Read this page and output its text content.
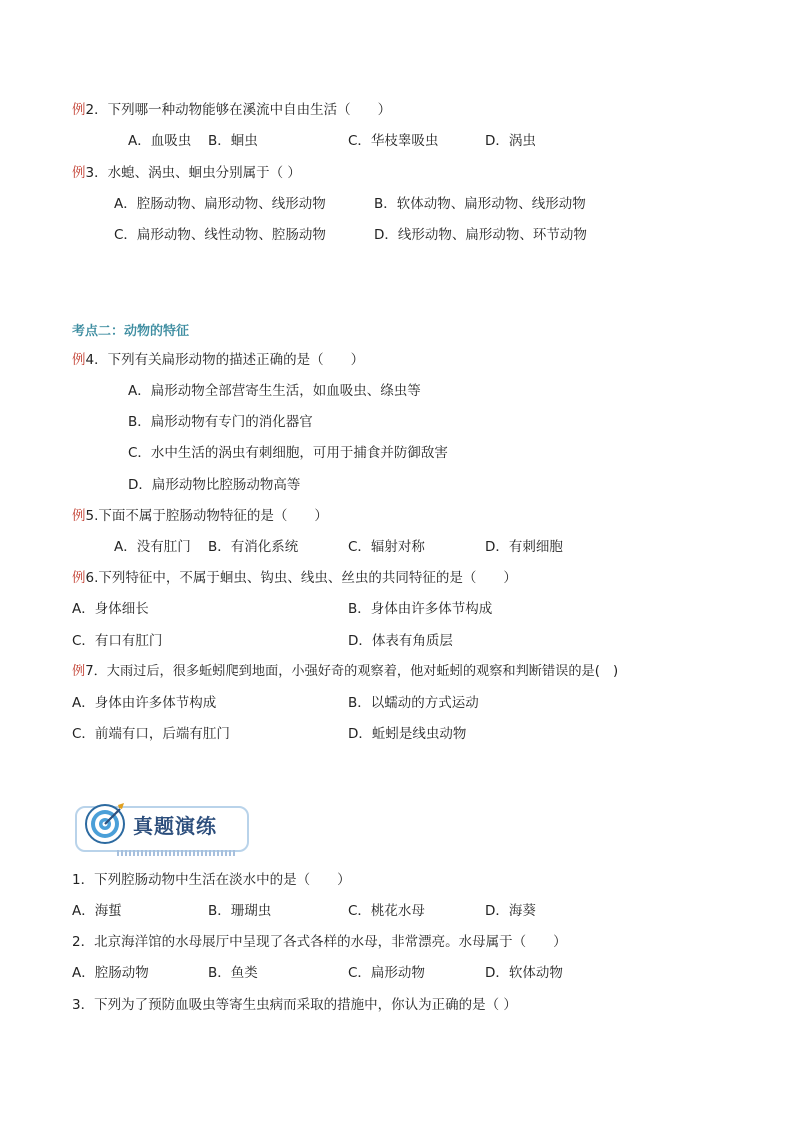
例2．下列哪一种动物能够在溪流中自由生活（　　）
A．血吸虫 B．蛔虫	C．华枝睾吸虫	D．涡虫
例3．水螅、涡虫、蛔虫分别属于（ ）
A．腔肠动物、扁形动物、线形动物	B．软体动物、扁形动物、线形动物
C．扁形动物、线性动物、腔肠动物	D．线形动物、扁形动物、环节动物
考点二：动物的特征
例4．下列有关扁形动物的描述正确的是（　　）
A．扁形动物全部营寄生生活，如血吸虫、绦虫等
B．扁形动物有专门的消化器官
C．水中生活的涡虫有刺细胞，可用于捕食并防御敌害
D．扁形动物比腔肠动物高等
例5.下面不属于腔肠动物特征的是（　　）
A．没有肛门 B．有消化系统	C．辐射对称	D．有刺细胞
例6.下列特征中，不属于蛔虫、钩虫、线虫、丝虫的共同特征的是（　　）
A．身体细长	B．身体由许多体节构成
C．有口有肛门	D．体表有角质层
例7．大雨过后，很多蚯蚓爬到地面，小强好奇的观察着，他对蚯蚓的观察和判断错误的是(　)
A．身体由许多体节构成	B．以蠕动的方式运动
C．前端有口，后端有肛门	D．蚯蚓是线虫动物
真题演练
1．下列腔肠动物中生活在淡水中的是（　　）
A．海蜇	B．珊瑚虫	C．桃花水母	D．海葵
2．北京海洋馆的水母展厅中呈现了各式各样的水母，非常漂亮。水母属于（　　）
A．腔肠动物	B．鱼类	C．扁形动物	D．软体动物
3．下列为了预防血吸虫等寄生虫病而采取的措施中，你认为正确的是（ ）
